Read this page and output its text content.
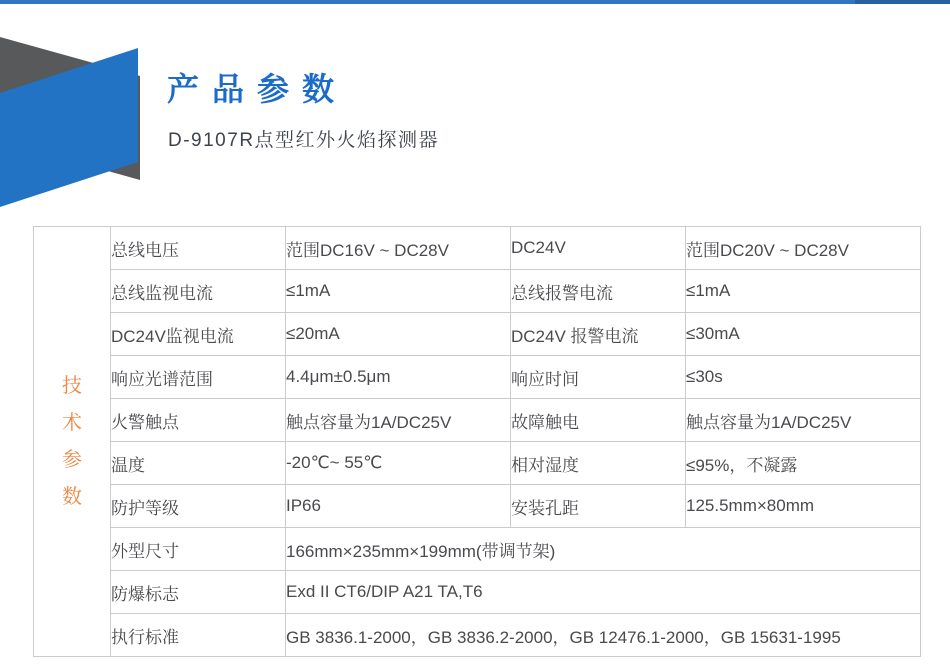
产品参数
D-9107R点型红外火焰探测器
技
术
参
数	总线电压	范围DC16V ~ DC28V	DC24V	范围DC20V ~ DC28V
	总线监视电流	≤1mA	总线报警电流	≤1mA
	DC24V监视电流	≤20mA	DC24V 报警电流	≤30mA
	响应光谱范围	4.4μm±0.5μm	响应时间	≤30s
	火警触点	触点容量为1A/DC25V	故障触电	触点容量为1A/DC25V
	温度	-20℃~ 55℃	相对湿度	≤95%，不凝露
	防护等级	IP66	安装孔距	125.5mm×80mm
	外型尺寸	166mm×235mm×199mm(带调节架)		
	防爆标志	Exd II CT6/DIP A21 TA,T6		
	执行标准	GB 3836.1-2000，GB 3836.2-2000，GB 12476.1-2000，GB 15631-1995		
